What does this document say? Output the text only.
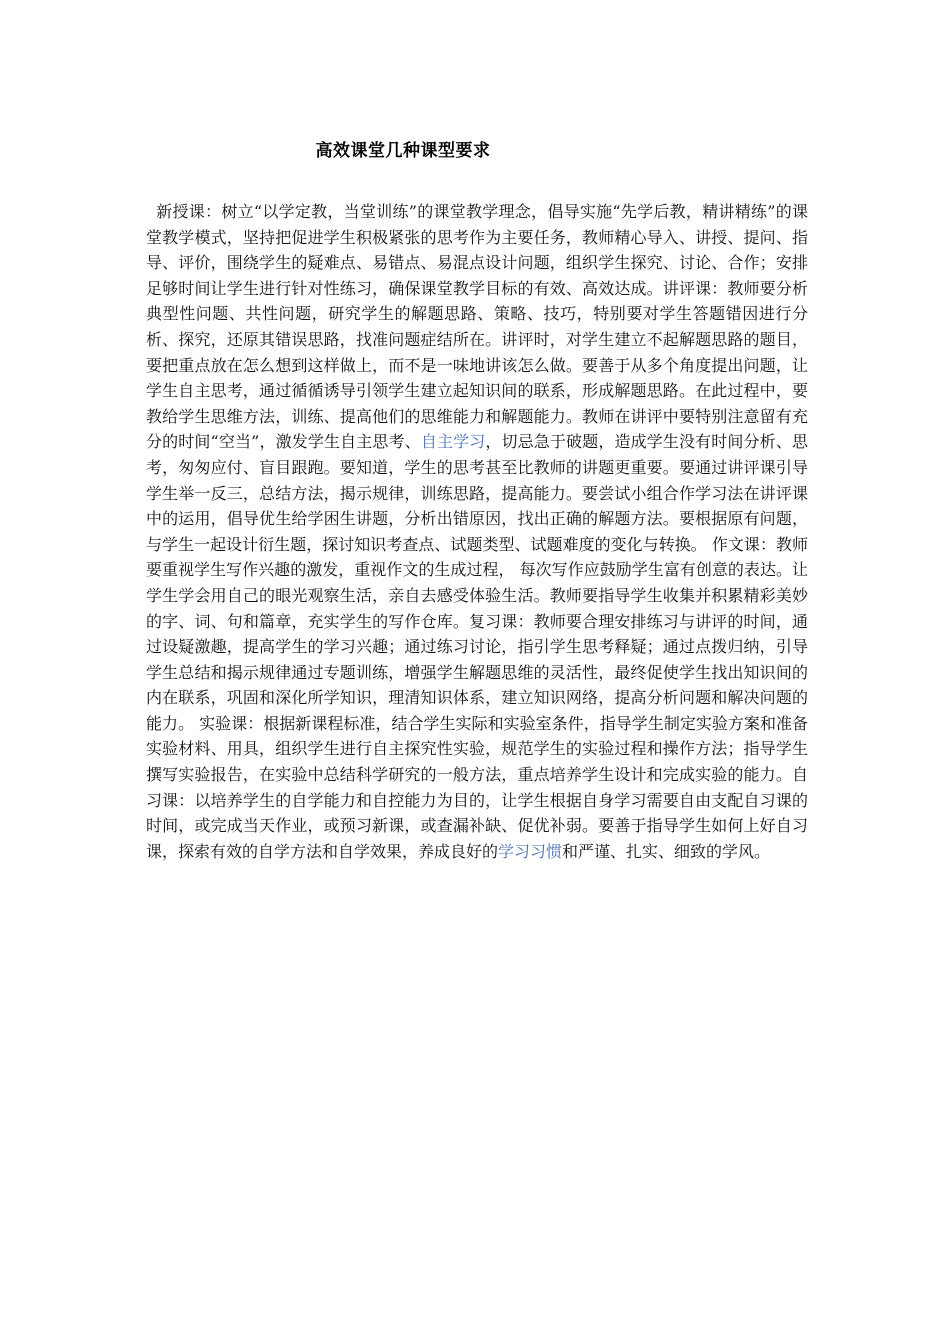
高效课堂几种课型要求

新授课：树立“以学定教，当堂训练”的课堂教学理念，倡导实施“先学后教，精讲精练”的课堂教学模式，坚持把促进学生积极紧张的思考作为主要任务，教师精心导入、讲授、提问、指导、评价，围绕学生的疑难点、易错点、易混点设计问题，组织学生探究、讨论、合作；安排足够时间让学生进行针对性练习，确保课堂教学目标的有效、高效达成。讲评课：教师要分析典型性问题、共性问题，研究学生的解题思路、策略、技巧，特别要对学生答题错因进行分析、探究，还原其错误思路，找准问题症结所在。讲评时，对学生建立不起解题思路的题目，要把重点放在怎么想到这样做上，而不是一味地讲该怎么做。要善于从多个角度提出问题，让学生自主思考，通过循循诱导引领学生建立起知识间的联系，形成解题思路。在此过程中，要教给学生思维方法，训练、提高他们的思维能力和解题能力。教师在讲评中要特别注意留有充分的时间“空当”，激发学生自主思考、自主学习，切忌急于破题，造成学生没有时间分析、思考，匆匆应付、盲目跟跑。要知道，学生的思考甚至比教师的讲题更重要。要通过讲评课引导学生举一反三，总结方法，揭示规律，训练思路，提高能力。要尝试小组合作学习法在讲评课中的运用，倡导优生给学困生讲题，分析出错原因，找出正确的解题方法。要根据原有问题，与学生一起设计衍生题，探讨知识考查点、试题类型、试题难度的变化与转换。 作文课：教师要重视学生写作兴趣的激发，重视作文的生成过程， 每次写作应鼓励学生富有创意的表达。让学生学会用自己的眼光观察生活，亲自去感受体验生活。教师要指导学生收集并积累精彩美妙的字、词、句和篇章，充实学生的写作仓库。复习课：教师要合理安排练习与讲评的时间，通过设疑激趣，提高学生的学习兴趣；通过练习讨论，指引学生思考释疑；通过点拨归纳，引导学生总结和揭示规律通过专题训练，增强学生解题思维的灵活性，最终促使学生找出知识间的内在联系，巩固和深化所学知识，理清知识体系，建立知识网络，提高分析问题和解决问题的能力。 实验课：根据新课程标准，结合学生实际和实验室条件，指导学生制定实验方案和准备实验材料、用具，组织学生进行自主探究性实验，规范学生的实验过程和操作方法；指导学生撰写实验报告，在实验中总结科学研究的一般方法，重点培养学生设计和完成实验的能力。自习课：以培养学生的自学能力和自控能力为目的，让学生根据自身学习需要自由支配自习课的时间，或完成当天作业，或预习新课，或查漏补缺、促优补弱。要善于指导学生如何上好自习课，探索有效的自学方法和自学效果，养成良好的学习习惯和严谨、扎实、细致的学风。
